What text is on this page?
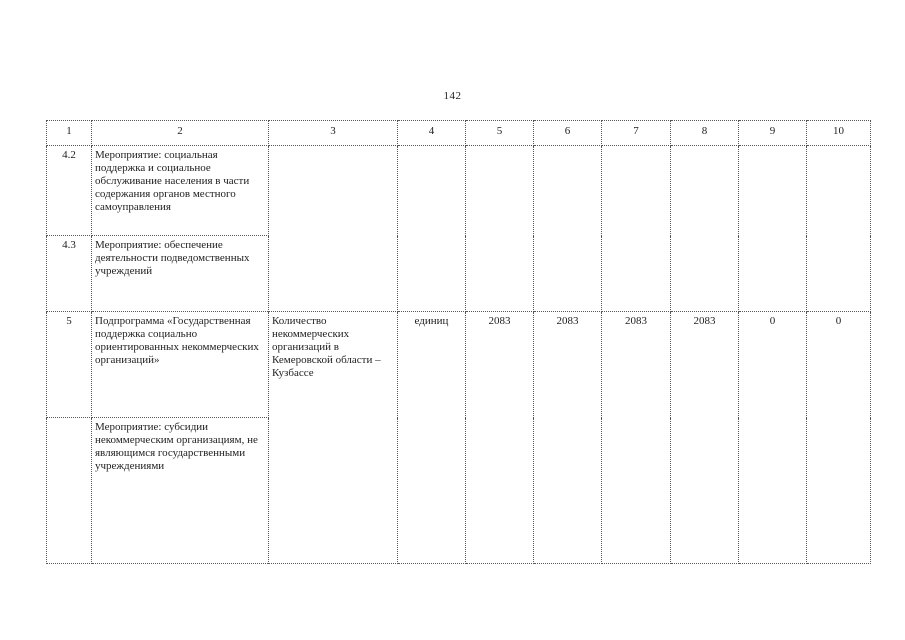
142
1	2	3	4	5	6	7	8	9	10
4.2	Мероприятие: социальная поддержка и социальное обслуживание населения в части содержания органов местного самоуправления								
4.3	Мероприятие: обеспечение деятельности подведомственных учреждений								
5	Подпрограмма «Государственная поддержка социально ориентированных некоммерческих организаций»	Количество некоммерческих организаций в Кемеровской области – Кузбассе	единиц	2083	2083	2083	2083	0	0
	Мероприятие: субсидии некоммерческим организациям, не являющимся государственными учреждениями								
